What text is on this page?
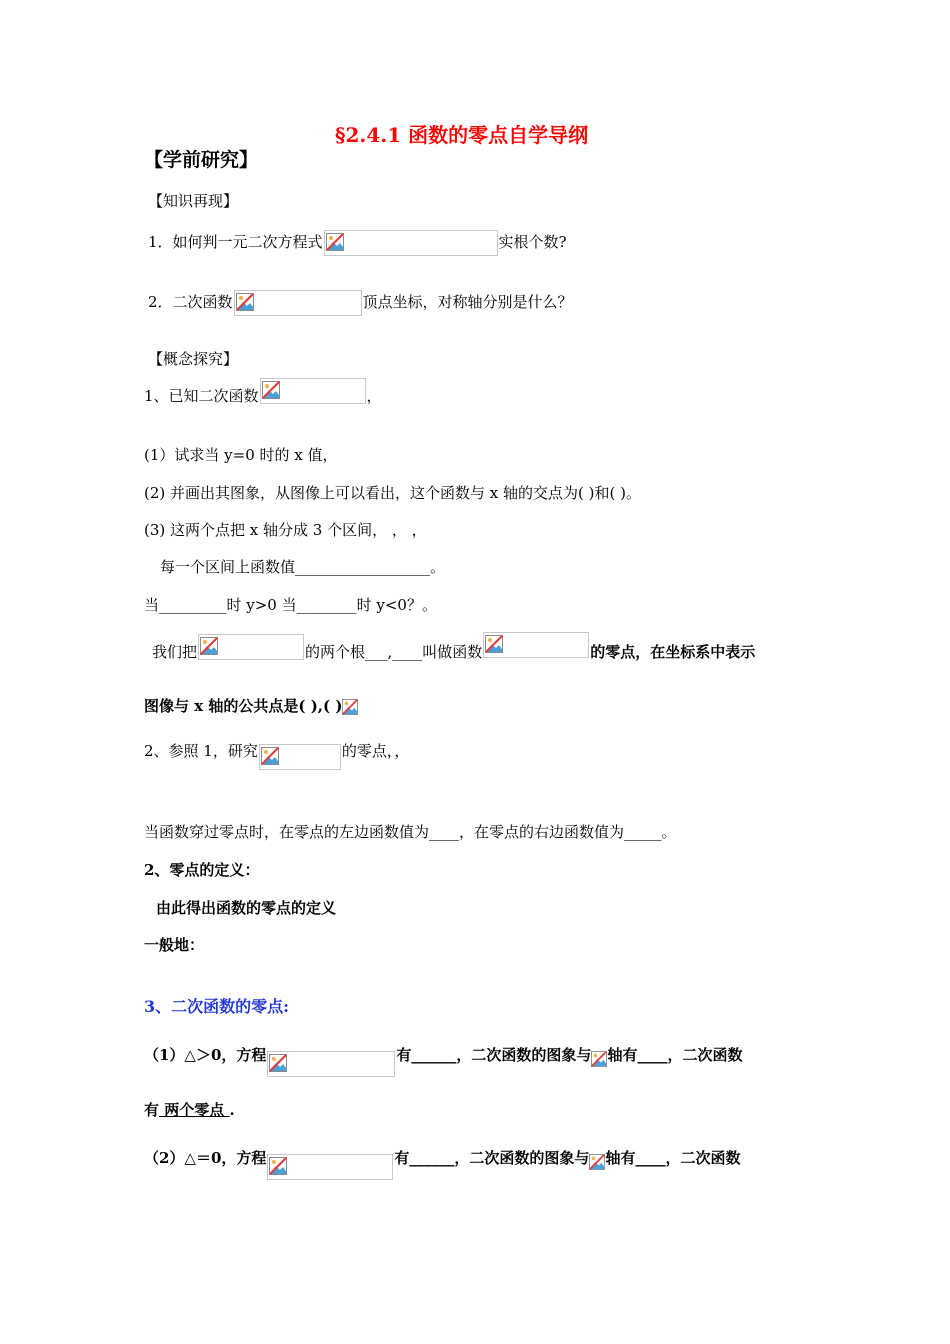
§2.4.1 函数的零点自学导纲
【学前研究】
【知识再现】
1．如何判一元二次方程式	实根个数?
2．二次函数	顶点坐标，对称轴分别是什么？
【概念探究】
1、已知二次函数	，
(1）试求当 y=0 时的 x 值，
(2) 并画出其图象，从图像上可以看出，这个函数与 x 轴的交点为( )和( )。
(3) 这两个点把 x 轴分成 3 个区间， ， ，
每一个区间上函数值__________________。
当_________时 y>0 当________时 y<0？。
我们把	的两个根___,____叫做函数	的零点，在坐标系中表示
图像与 x 轴的公共点是( ),( )
2、参照 1，研究	的零点，，
当函数穿过零点时，在零点的左边函数值为____，在零点的右边函数值为_____。
2、零点的定义：
由此得出函数的零点的定义
一般地：
3、二次函数的零点:
（1）△＞0，方程	有______，二次函数的图象与 轴有____，二次函数
有 两个零点 .
（2）△＝0，方程	有______，二次函数的图象与 轴有____，二次函数
